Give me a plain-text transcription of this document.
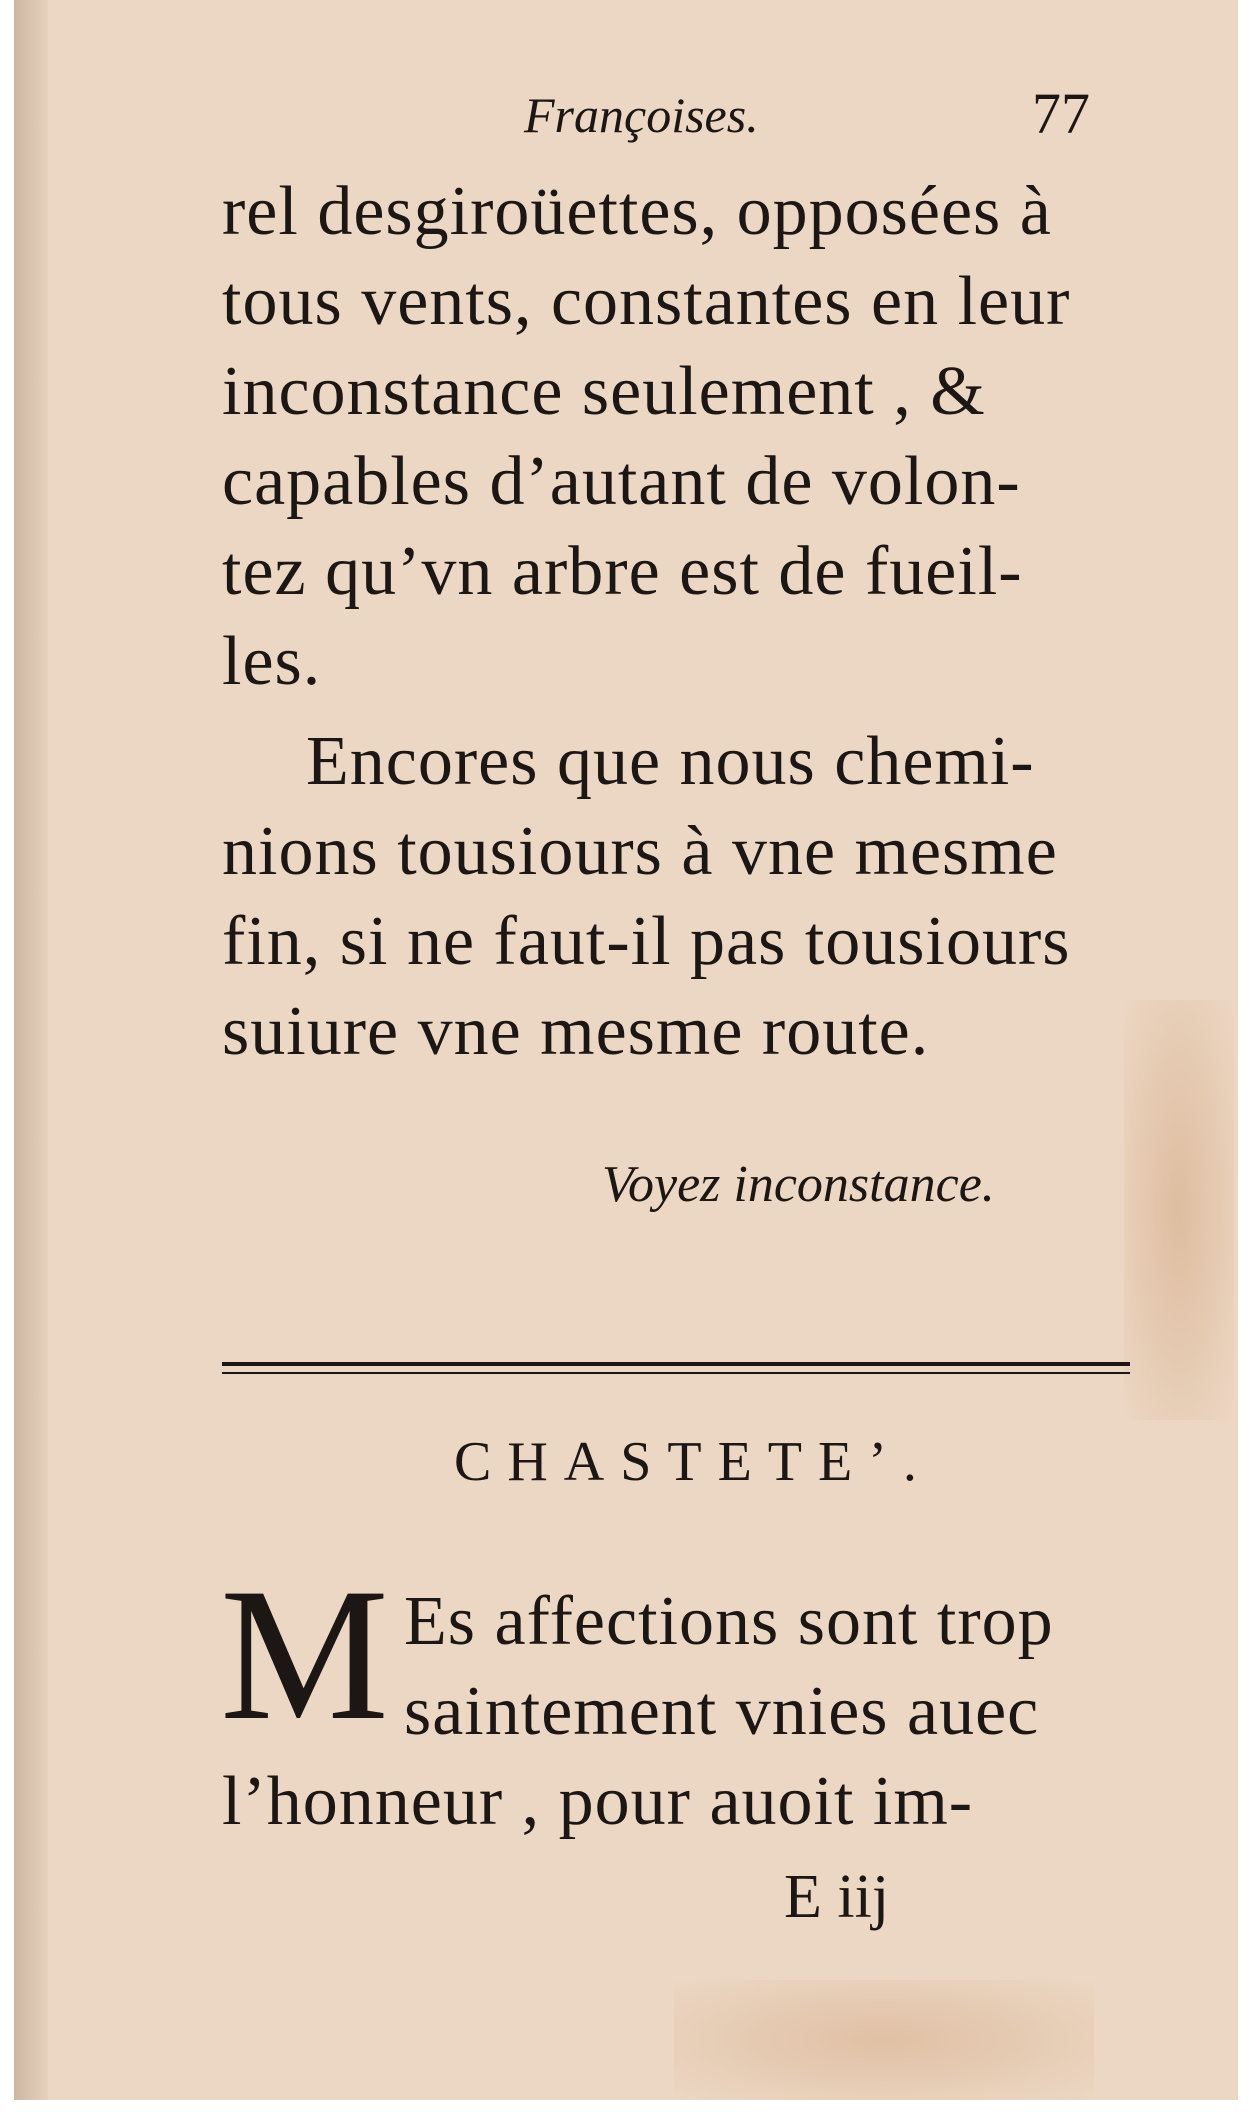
Françoises.	77

rel desgiroüettes, opposées à

tous vents, constantes en leur

inconstance seulement , &

capables d’autant de volon-

tez qu’vn arbre est de fueil-

les.

Encores que nous chemi-

nions tousiours à vne mesme

fin, si ne faut-il pas tousiours

suiure vne mesme route.

Voyez inconstance.

CHASTETE’.

M Es affections sont trop

saintement vnies auec

l’honneur , pour auoit im-

E iij
